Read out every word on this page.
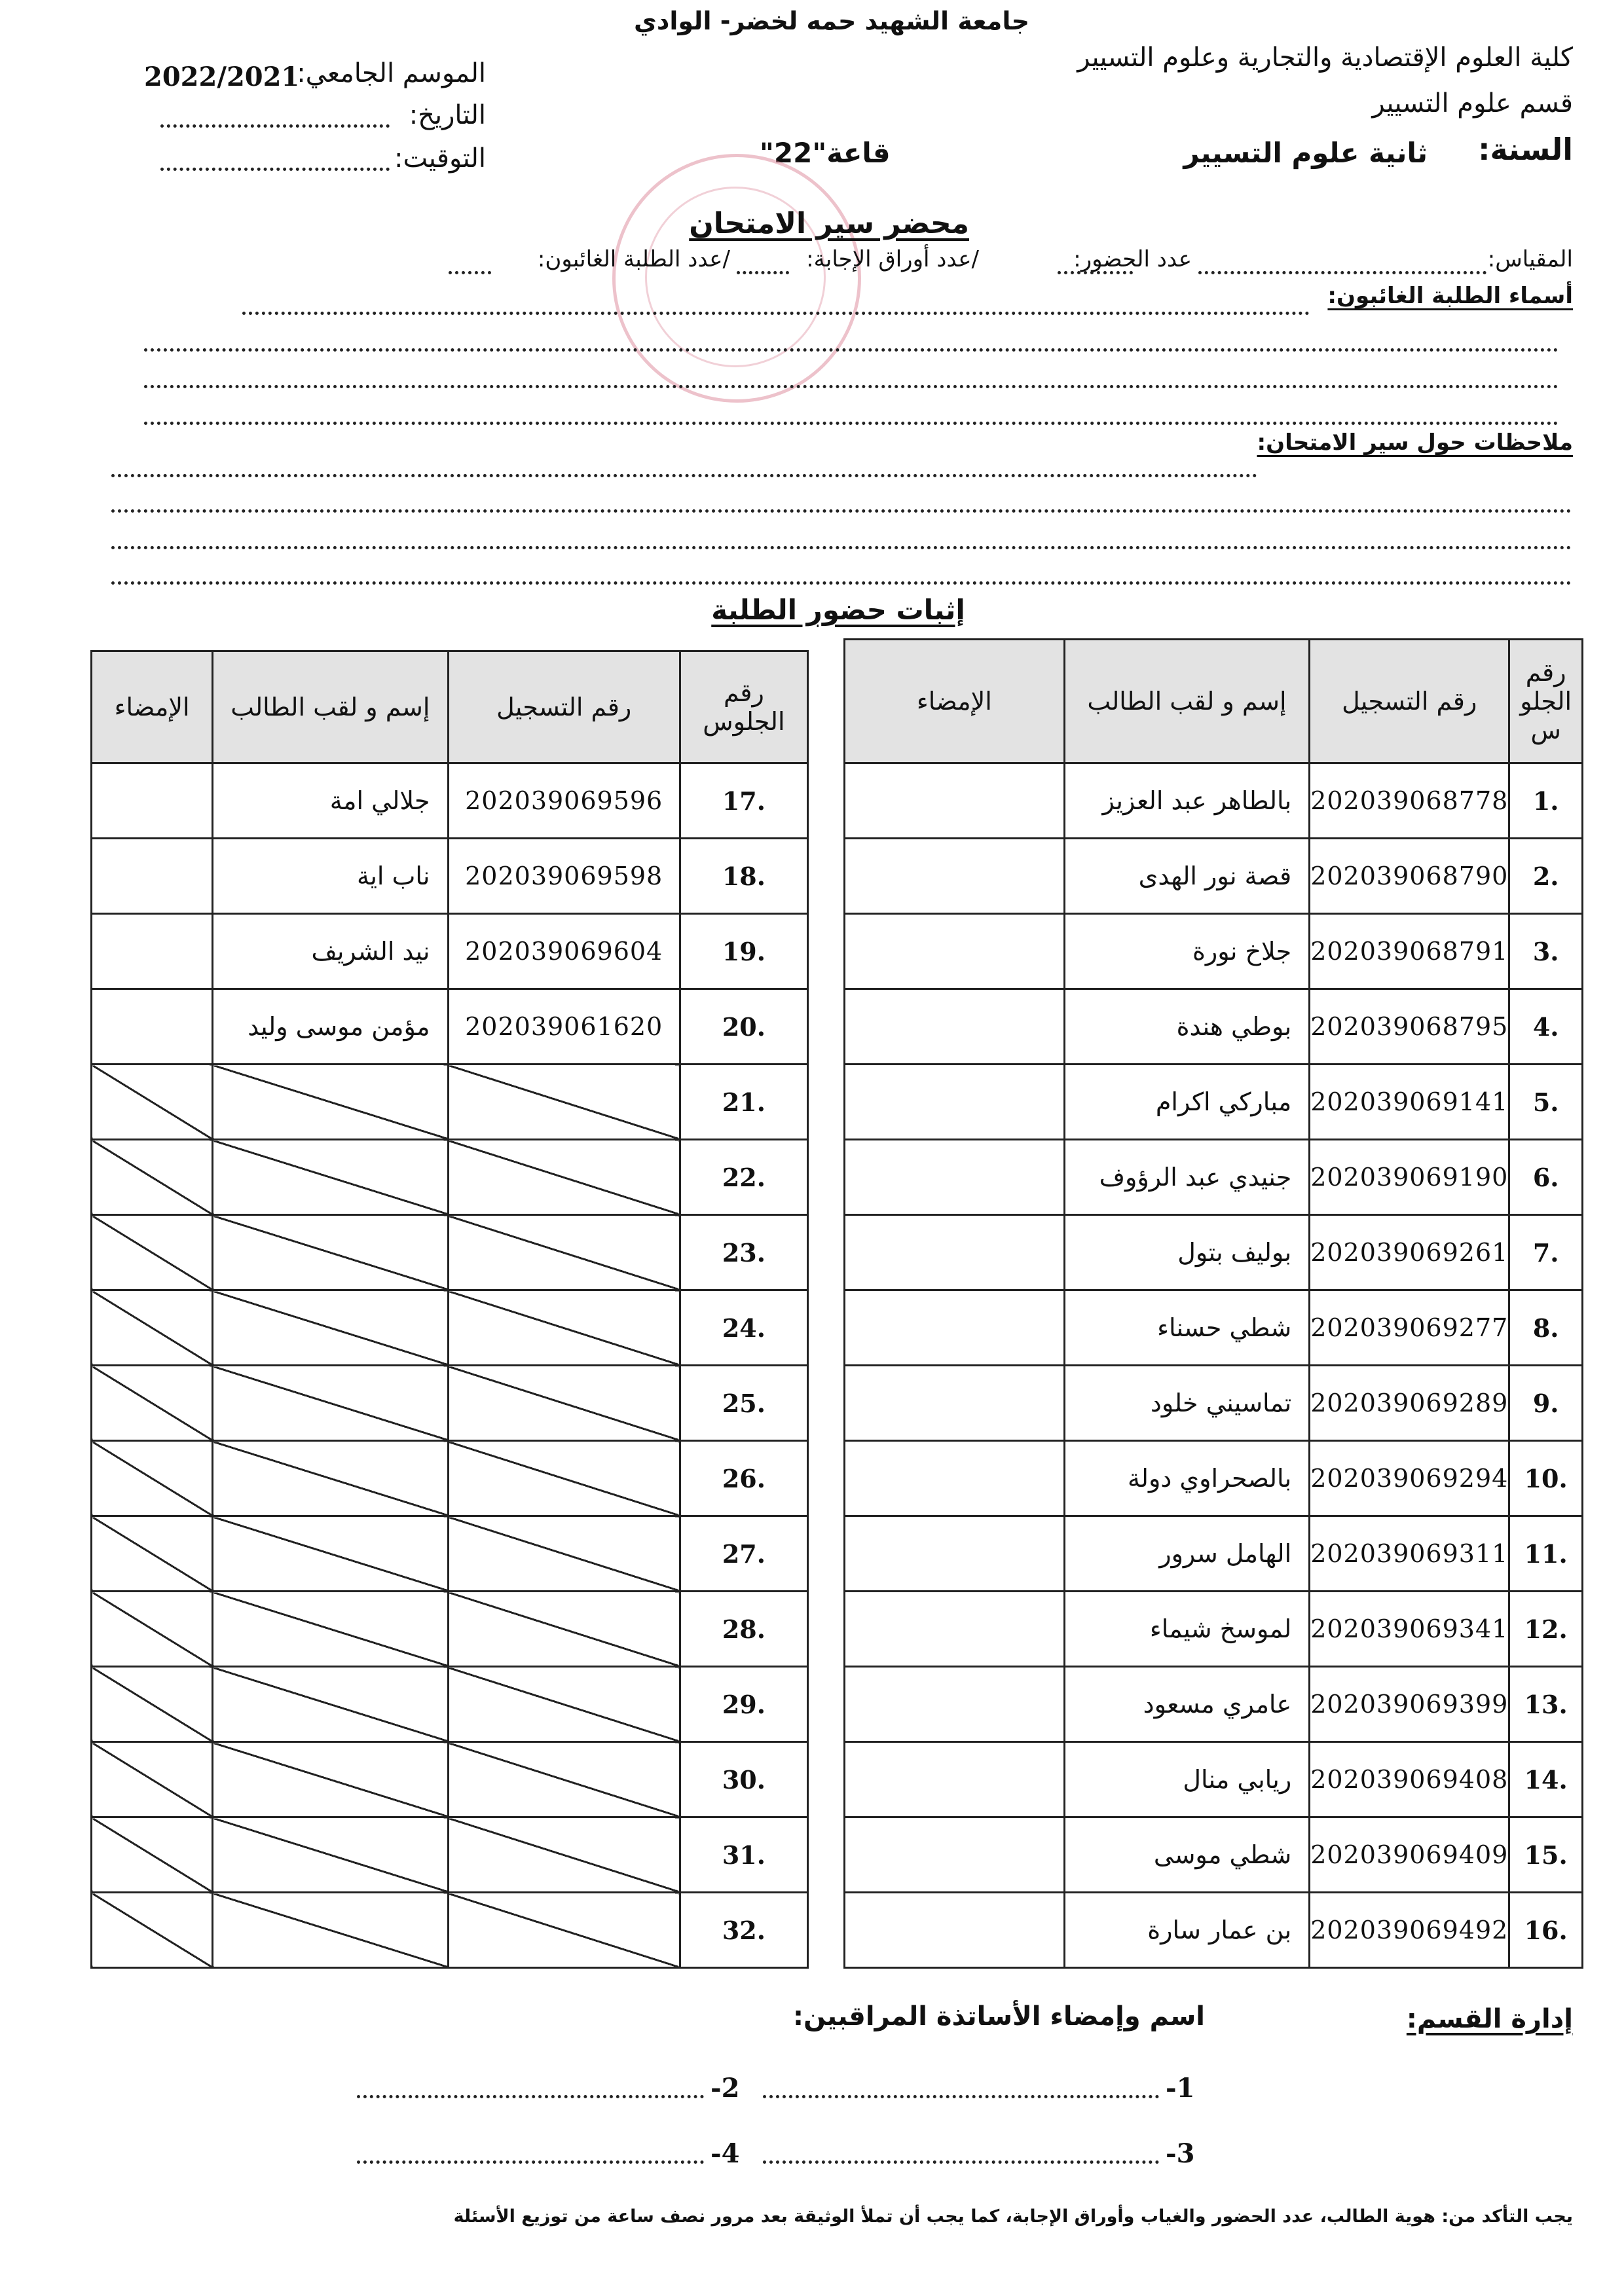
جامعة الشهيد حمه لخضر- الوادي
كلية العلوم الإقتصادية والتجارية وعلوم التسيير
قسم علوم التسيير
السنة:
ثانية علوم التسيير
قاعة"22"
الموسم الجامعي:
2022/2021
التاريخ:
التوقيت:
محضر سير الامتحان
المقياس:
عدد الحضور:
/عدد أوراق الإجابة:
/عدد الطلبة الغائبون:
أسماء الطلبة الغائبون:
ملاحظات حول سير الامتحان:
إثبات حضور الطلبة
رقم الجلو س	رقم التسجيل	إسم و لقب الطالب	الإمضاء
1.	202039068778	بالطاهر عبد العزيز	
2.	202039068790	قصة نور الهدى	
3.	202039068791	جلاخ نورة	
4.	202039068795	بوطي هندة	
5.	202039069141	مباركي اكرام	
6.	202039069190	جنيدي عبد الرؤوف	
7.	202039069261	بوليف بتول	
8.	202039069277	شطي حسناء	
9.	202039069289	تماسيني خلود	
10.	202039069294	بالصحراوي دولة	
11.	202039069311	الهامل سرور	
12.	202039069341	لموسخ شيماء	
13.	202039069399	عامري مسعود	
14.	202039069408	ريابي منال	
15.	202039069409	شطي موسى	
16.	202039069492	بن عمار سارة	
رقم الجلوس	رقم التسجيل	إسم و لقب الطالب	الإمضاء
17.	202039069596	جلالي امة	
18.	202039069598	ناب اية	
19.	202039069604	نيد الشريف	
20.	202039061620	مؤمن موسى وليد	
21.			
22.			
23.			
24.			
25.			
26.			
27.			
28.			
29.			
30.			
31.			
32.			
إدارة القسم:
اسم وإمضاء الأساتذة المراقبين:
-1
-2
-3
-4
يجب التأكد من: هوية الطالب، عدد الحضور والغياب وأوراق الإجابة، كما يجب أن تملأ الوثيقة بعد مرور نصف ساعة من توزيع الأسئلة
